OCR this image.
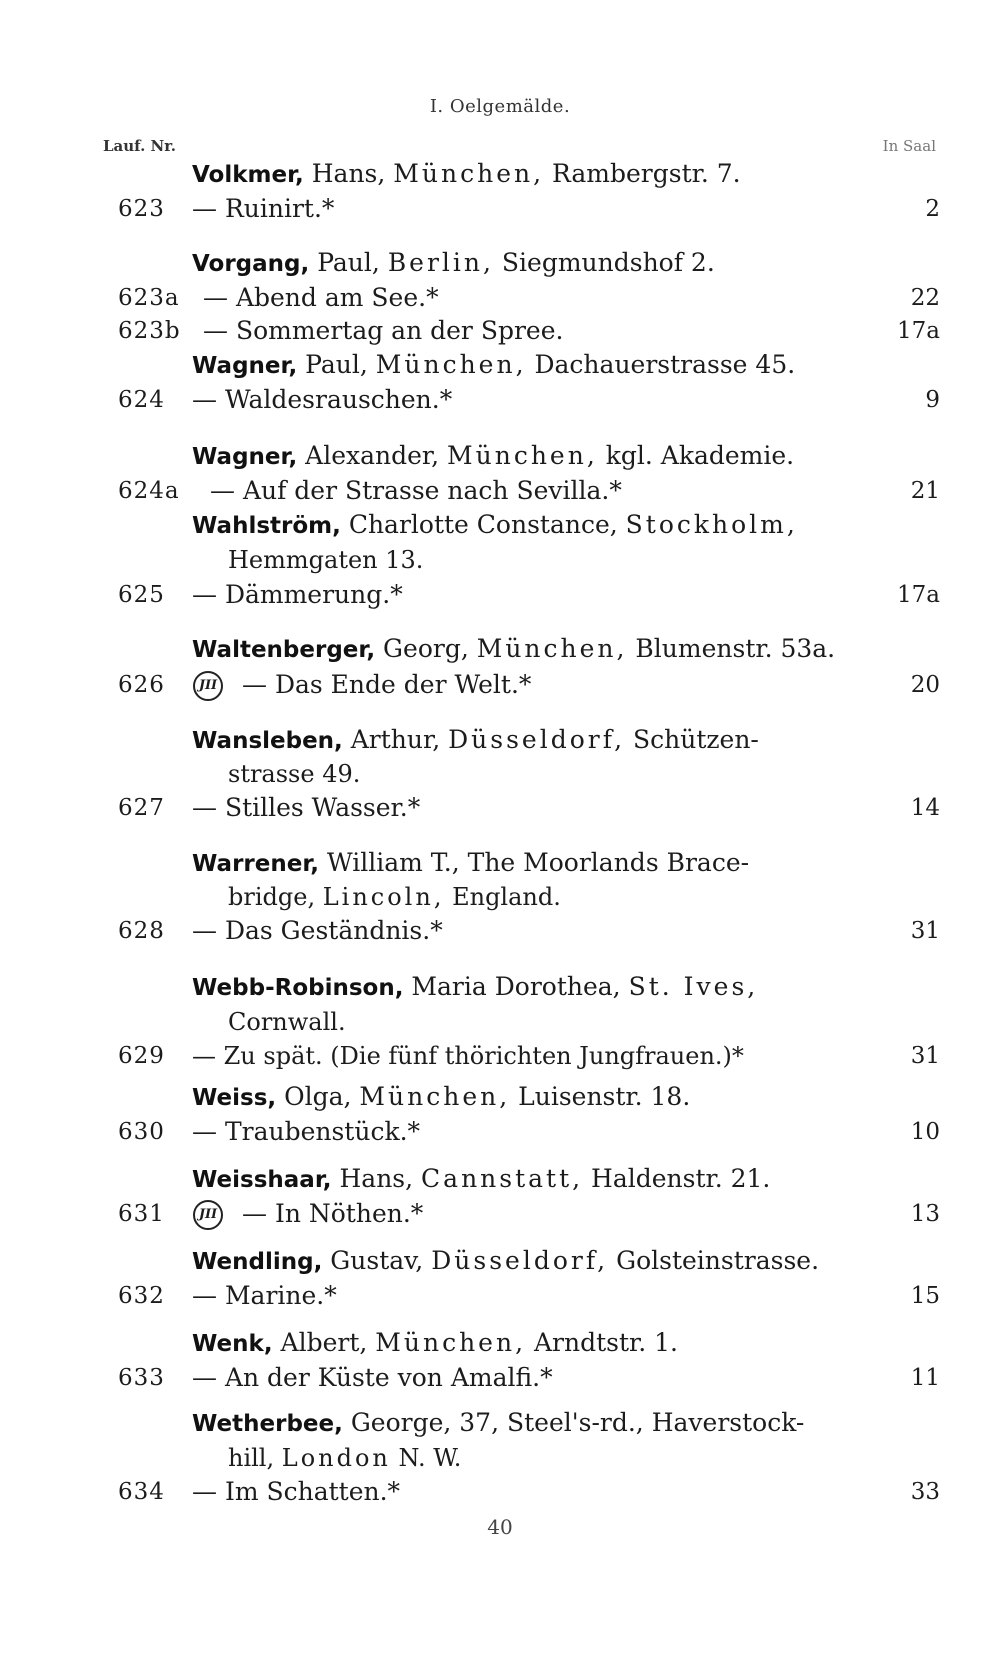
I. Oelgemälde.
Lauf. Nr.	In Saal
Volkmer, Hans, München, Rambergstr. 7.
623 — Ruinirt.*	2
Vorgang, Paul, Berlin, Siegmundshof 2.
623a — Abend am See.*	22
623b — Sommertag an der Spree.	17a
Wagner, Paul, München, Dachauerstrasse 45.
624 — Waldesrauschen.*	9
Wagner, Alexander, München, kgl. Akademie.
624a — Auf der Strasse nach Sevilla.*	21
Wahlström, Charlotte Constance, Stockholm,
Hemmgaten 13.
625 — Dämmerung.*	17a
Waltenberger, Georg, München, Blumenstr. 53a.
626	JII — Das Ende der Welt.*	20
Wansleben, Arthur, Düsseldorf, Schützen-
strasse 49.
627 — Stilles Wasser.*	14
Warrener, William T., The Moorlands Brace-
bridge, Lincoln, England.
628 — Das Geständnis.*	31
Webb-Robinson, Maria Dorothea, St. Ives,
Cornwall.
629 — Zu spät. (Die fünf thörichten Jungfrauen.)*	31
Weiss, Olga, München, Luisenstr. 18.
630 — Traubenstück.*	10
Weisshaar, Hans, Cannstatt, Haldenstr. 21.
631	JII — In Nöthen.*	13
Wendling, Gustav, Düsseldorf, Golsteinstrasse.
632 — Marine.*	15
Wenk, Albert, München, Arndtstr. 1.
633 — An der Küste von Amalfi.*	11
Wetherbee, George, 37, Steel's-rd., Haverstock-
hill, London N. W.
634 — Im Schatten.*	33
40
